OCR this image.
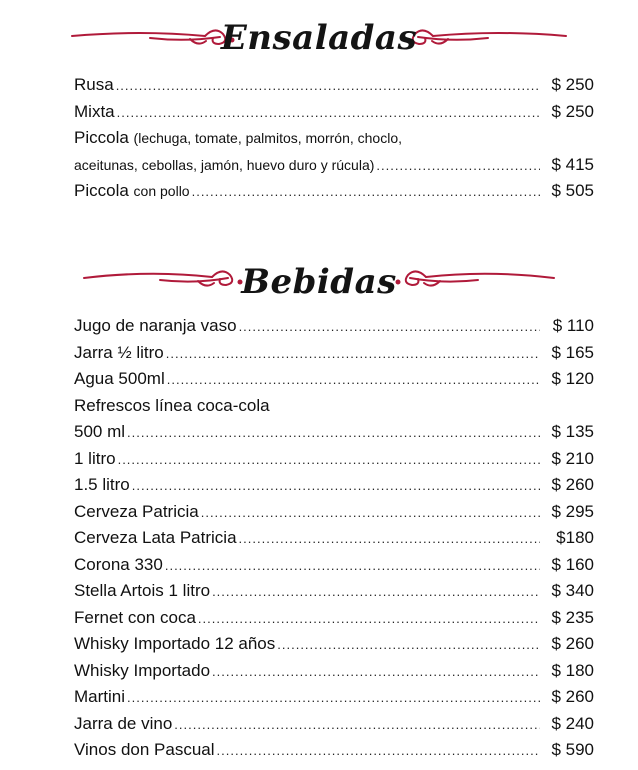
Ensaladas
Rusa .....	$ 250
Mixta .....	$ 250
Piccola (lechuga, tomate, palmitos, morrón, choclo,
aceitunas, cebollas, jamón, huevo duro y rúcula) .....	$ 415
Piccola con pollo .....	$ 505
Bebidas
Jugo de naranja vaso .....	$ 110
Jarra ½ litro .....	$ 165
Agua 500ml .....	$ 120
Refrescos línea coca-cola
500 ml .....	$ 135
1 litro .....	$ 210
1.5 litro .....	$ 260
Cerveza Patricia .....	$ 295
Cerveza Lata Patricia .....	$180
Corona 330 .....	$ 160
Stella Artois 1 litro .....	$ 340
Fernet con coca .....	$ 235
Whisky Importado 12 años .....	$ 260
Whisky Importado .....	$ 180
Martini .....	$ 260
Jarra de vino .....	$ 240
Vinos don Pascual .....	$ 590
